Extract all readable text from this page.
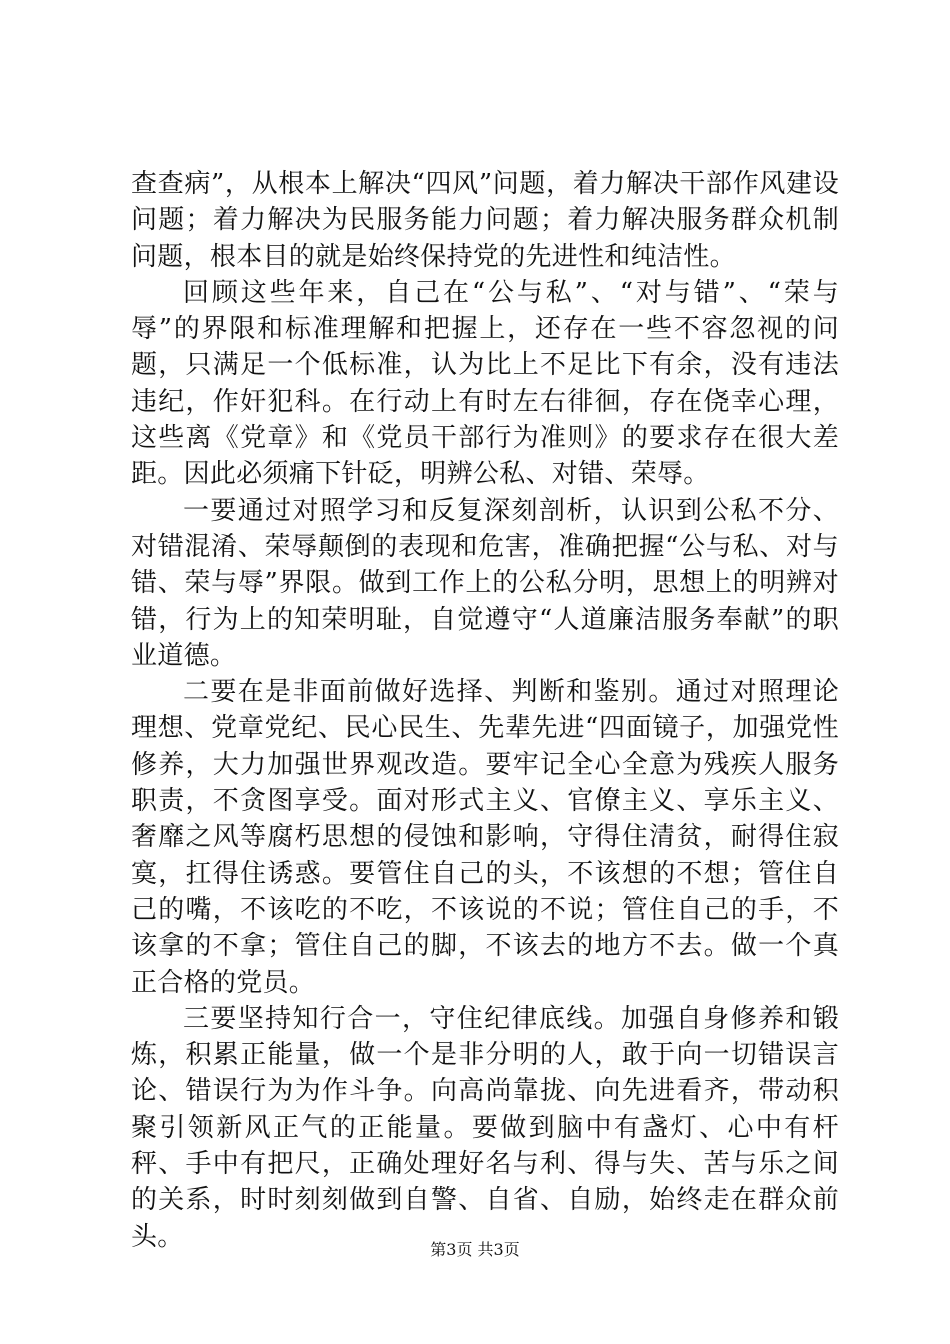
查查病”，从根本上解决“四风”问题，着力解决干部作风建设问题；着力解决为民服务能力问题；着力解决服务群众机制问题，根本目的就是始终保持党的先进性和纯洁性。

回顾这些年来，自己在“公与私”、“对与错”、“荣与辱”的界限和标准理解和把握上，还存在一些不容忽视的问题，只满足一个低标准，认为比上不足比下有余，没有违法违纪，作奸犯科。在行动上有时左右徘徊，存在侥幸心理，这些离《党章》和《党员干部行为准则》的要求存在很大差距。因此必须痛下针砭，明辨公私、对错、荣辱。

一要通过对照学习和反复深刻剖析，认识到公私不分、对错混淆、荣辱颠倒的表现和危害，准确把握“公与私、对与错、荣与辱”界限。做到工作上的公私分明，思想上的明辨对错，行为上的知荣明耻，自觉遵守“人道廉洁服务奉献”的职业道德。

二要在是非面前做好选择、判断和鉴别。通过对照理论理想、党章党纪、民心民生、先辈先进“四面镜子，加强党性修养，大力加强世界观改造。要牢记全心全意为残疾人服务职责，不贪图享受。面对形式主义、官僚主义、享乐主义、奢靡之风等腐朽思想的侵蚀和影响，守得住清贫，耐得住寂寞，扛得住诱惑。要管住自己的头，不该想的不想；管住自己的嘴，不该吃的不吃，不该说的不说；管住自己的手，不该拿的不拿；管住自己的脚，不该去的地方不去。做一个真正合格的党员。

三要坚持知行合一，守住纪律底线。加强自身修养和锻炼，积累正能量，做一个是非分明的人，敢于向一切错误言论、错误行为为作斗争。向高尚靠拢、向先进看齐，带动积聚引领新风正气的正能量。要做到脑中有盏灯、心中有杆秤、手中有把尺，正确处理好名与利、得与失、苦与乐之间的关系，时时刻刻做到自警、自省、自励，始终走在群众前头。	第3页 共3页
